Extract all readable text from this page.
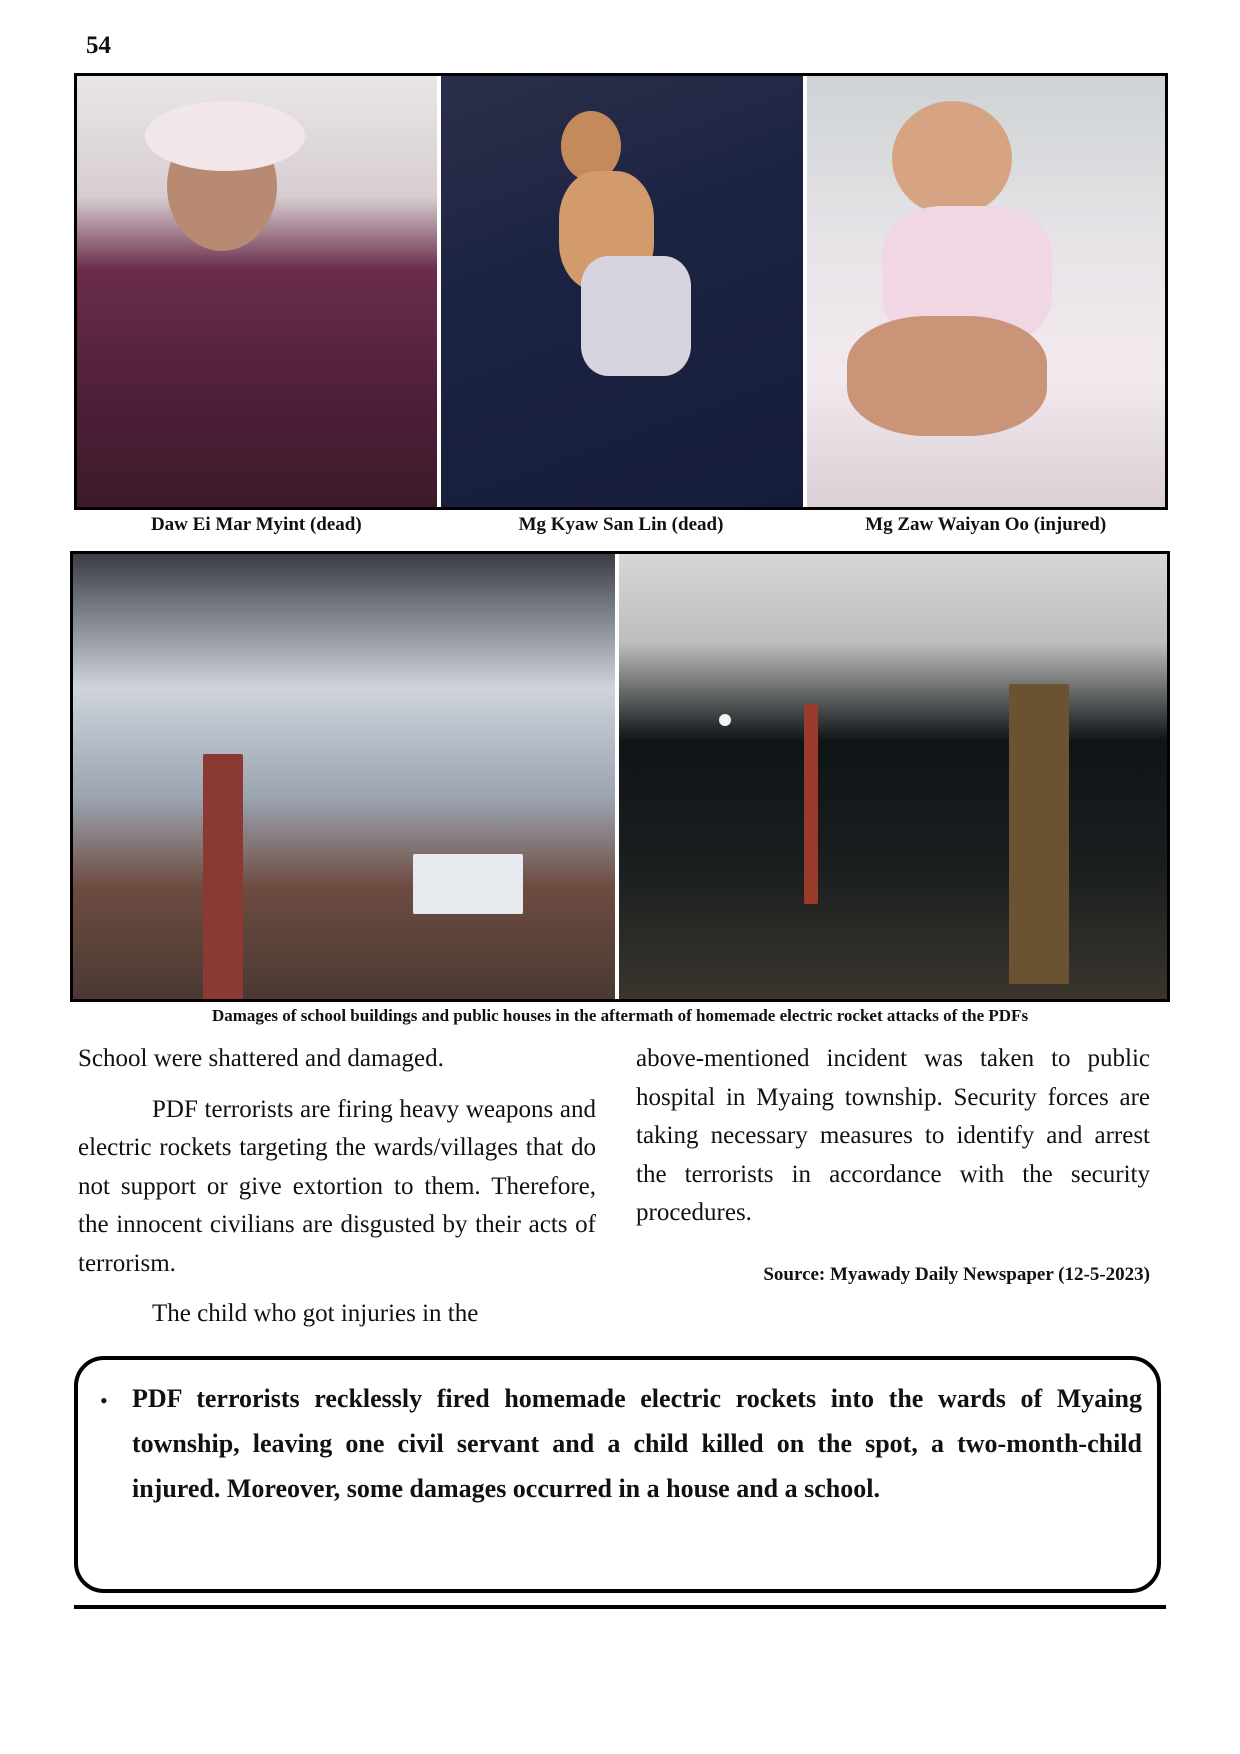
54
Daw Ei Mar Myint (dead)	Mg Kyaw San Lin (dead)	Mg Zaw Waiyan Oo (injured)
Damages of school buildings and public houses in the aftermath of homemade electric rocket attacks of the PDFs

School were shattered and damaged.

PDF terrorists are firing heavy weapons and electric rockets targeting the wards/villages that do not support or give extortion to them. Therefore, the innocent civilians are disgusted by their acts of terrorism.

The child who got injuries in the

above-mentioned incident was taken to public hospital in Myaing township. Security forces are taking necessary measures to identify and arrest the terrorists in accordance with the security procedures.

Source: Myawady Daily Newspaper (12-5-2023)
• PDF terrorists recklessly fired homemade electric rockets into the wards of Myaing township, leaving one civil servant and a child killed on the spot, a two-month-child injured. Moreover, some damages occurred in a house and a school.
